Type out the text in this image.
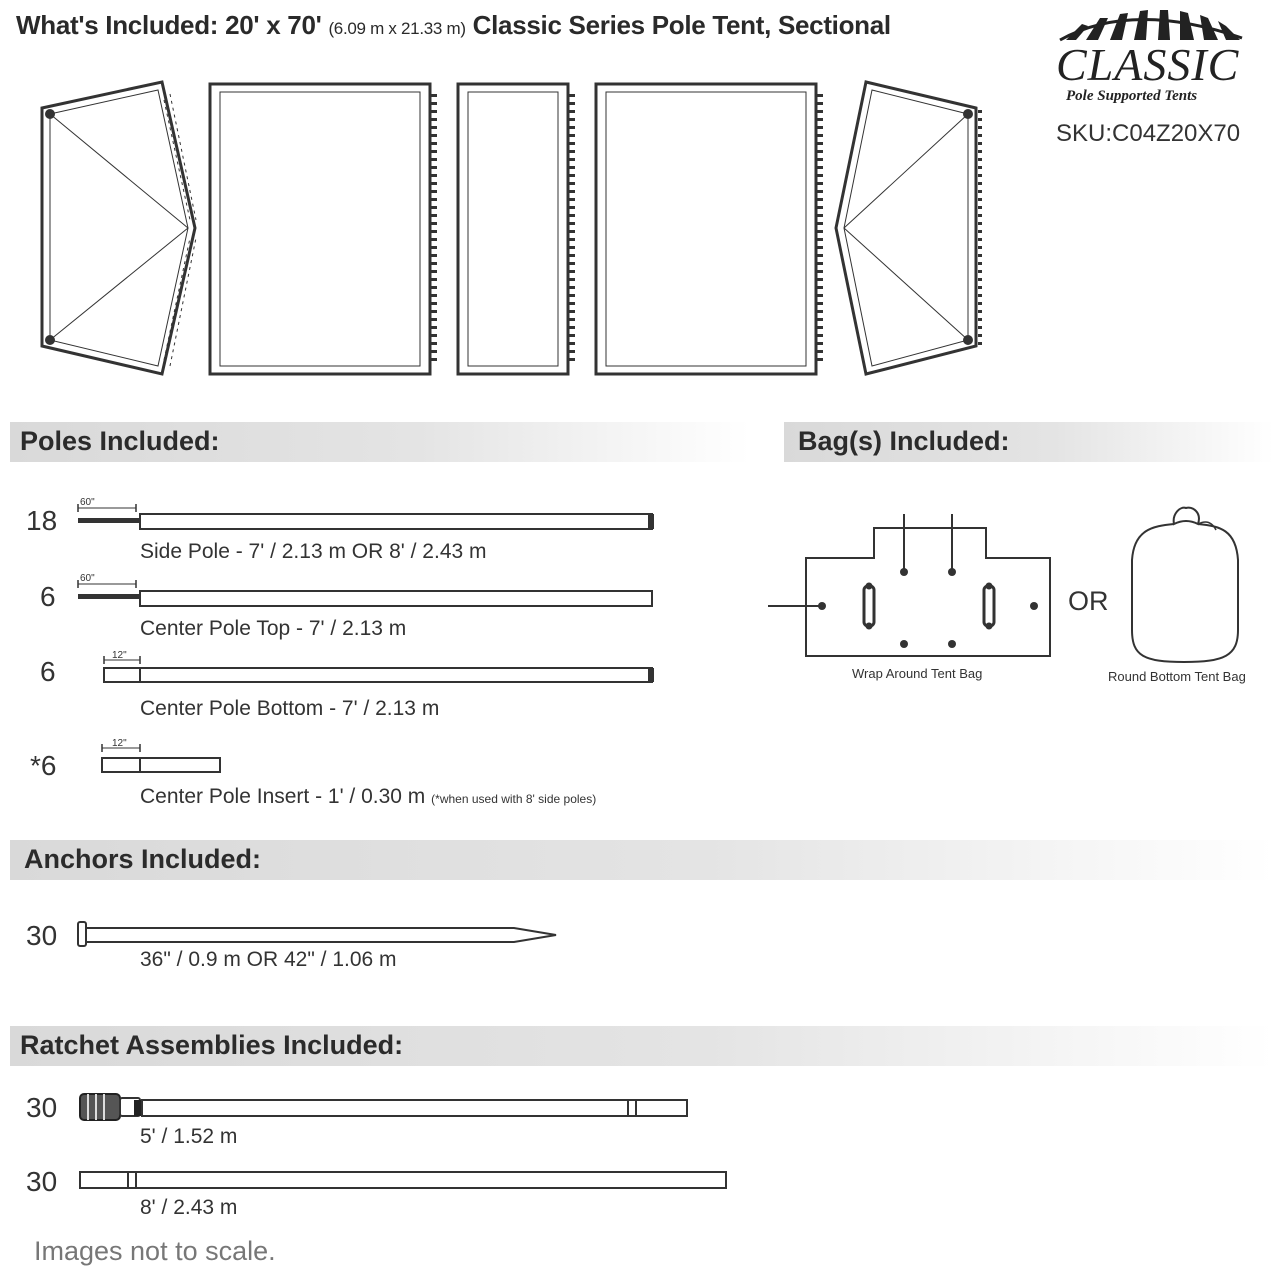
What's Included: 20' x 70' (6.09 m x 21.33 m) Classic Series Pole Tent, Sectional
CLASSIC
Pole Supported Tents
SKU:C04Z20X70
Poles Included:	Bag(s) Included:
18
60"
Side Pole - 7' / 2.13 m OR 8' / 2.43 m
6
60"
Center Pole Top - 7' / 2.13 m
6
12"
Center Pole Bottom - 7' / 2.13 m
*6
12"
Center Pole Insert - 1' / 0.30 m (*when used with 8' side poles)
Wrap Around Tent Bag
OR
Round Bottom Tent Bag
Anchors Included:
30
36" / 0.9 m OR 42" / 1.06 m
Ratchet Assemblies Included:
30
5' / 1.52 m
30
8' / 2.43 m
Images not to scale.
